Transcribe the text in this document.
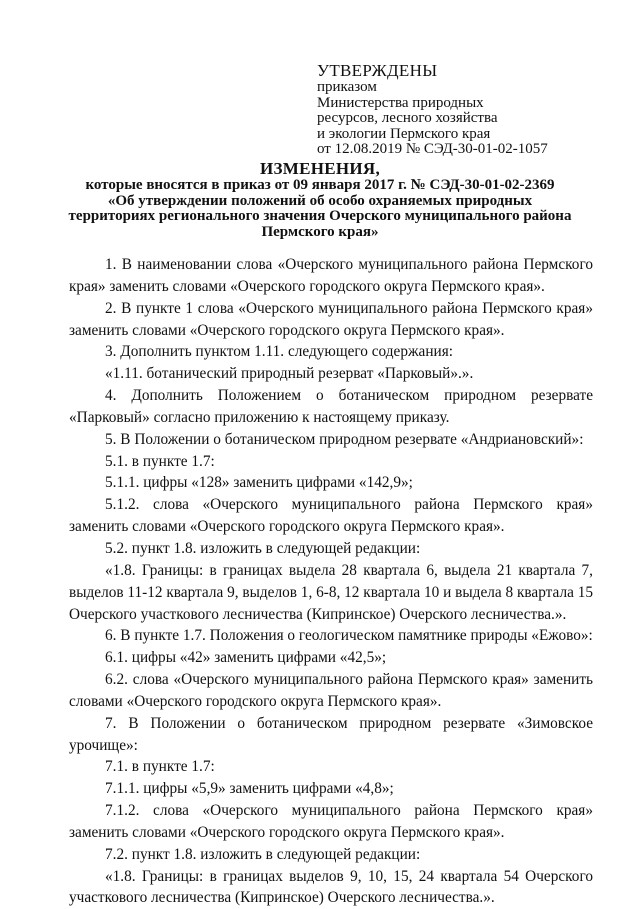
УТВЕРЖДЕНЫ
приказом
Министерства природных
ресурсов, лесного хозяйства
и экологии Пермского края
от 12.08.2019 № СЭД-30-01-02-1057
ИЗМЕНЕНИЯ,
которые вносятся в приказ от 09 января 2017 г. № СЭД-30-01-02-2369
«Об утверждении положений об особо охраняемых природных
территориях регионального значения Очерского муниципального района
Пермского края»

1. В наименовании слова «Очерского муниципального района Пермского края» заменить словами «Очерского городского округа Пермского края».

2. В пункте 1 слова «Очерского муниципального района Пермского края» заменить словами «Очерского городского округа Пермского края».

3. Дополнить пунктом 1.11. следующего содержания:

«1.11. ботанический природный резерват «Парковый».».

4. Дополнить Положением о ботаническом природном резервате «Парковый» согласно приложению к настоящему приказу.

5. В Положении о ботаническом природном резервате «Андриановский»:

5.1. в пункте 1.7:

5.1.1. цифры «128» заменить цифрами «142,9»;

5.1.2. слова «Очерского муниципального района Пермского края» заменить словами «Очерского городского округа Пермского края».

5.2. пункт 1.8. изложить в следующей редакции:

«1.8. Границы: в границах выдела 28 квартала 6, выдела 21 квартала 7, выделов 11-12 квартала 9, выделов 1, 6-8, 12 квартала 10 и выдела 8 квартала 15 Очерского участкового лесничества (Кипринское) Очерского лесничества.».

6. В пункте 1.7. Положения о геологическом памятнике природы «Ежово»:

6.1. цифры «42» заменить цифрами «42,5»;

6.2. слова «Очерского муниципального района Пермского края» заменить словами «Очерского городского округа Пермского края».

7. В Положении о ботаническом природном резервате «Зимовское урочище»:

7.1. в пункте 1.7:

7.1.1. цифры «5,9» заменить цифрами «4,8»;

7.1.2. слова «Очерского муниципального района Пермского края» заменить словами «Очерского городского округа Пермского края».

7.2. пункт 1.8. изложить в следующей редакции:

«1.8. Границы: в границах выделов 9, 10, 15, 24 квартала 54 Очерского участкового лесничества (Кипринское) Очерского лесничества.».
